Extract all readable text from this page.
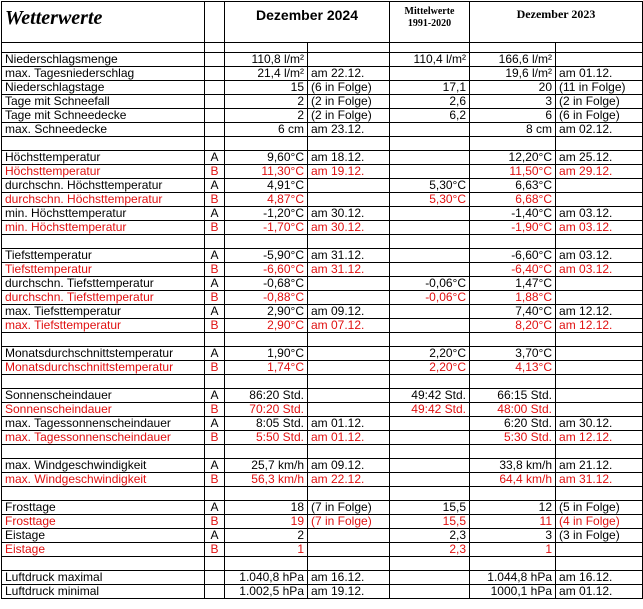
Wetterwerte		Dezember 2024		Mittelwerte
1991-2020	Dezember 2023	

Niederschlagsmenge		110,8 l/m²		110,4 l/m²	166,6 l/m²	
max. Tagesniederschlag		21,4 l/m²	am 22.12.		19,6 l/m²	am 01.12.
Niederschlagstage		15	(6 in Folge)	17,1	20	(11 in Folge)
Tage mit Schneefall		2	(2 in Folge)	2,6	3	(2 in Folge)
Tage mit Schneedecke		2	(2 in Folge)	6,2	6	(6 in Folge)
max. Schneedecke		6 cm	am 23.12.		8 cm	am 02.12.

Höchsttemperatur	A	9,60°C	am 18.12.		12,20°C	am 25.12.
Höchsttemperatur	B	11,30°C	am 19.12.		11,50°C	am 29.12.
durchschn. Höchsttemperatur	A	4,91°C		5,30°C	6,63°C	
durchschn. Höchsttemperatur	B	4,87°C		5,30°C	6,68°C	
min. Höchsttemperatur	A	-1,20°C	am 30.12.		-1,40°C	am 03.12.
min. Höchsttemperatur	B	-1,70°C	am 30.12.		-1,90°C	am 03.12.

Tiefsttemperatur	A	-5,90°C	am 31.12.		-6,60°C	am 03.12.
Tiefsttemperatur	B	-6,60°C	am 31.12.		-6,40°C	am 03.12.
durchschn. Tiefsttemperatur	A	-0,68°C		-0,06°C	1,47°C	
durchschn. Tiefsttemperatur	B	-0,88°C		-0,06°C	1,88°C	
max. Tiefsttemperatur	A	2,90°C	am 09.12.		7,40°C	am 12.12.
max. Tiefsttemperatur	B	2,90°C	am 07.12.		8,20°C	am 12.12.

Monatsdurchschnittstemperatur	A	1,90°C		2,20°C	3,70°C	
Monatsdurchschnittstemperatur	B	1,74°C		2,20°C	4,13°C	

Sonnenscheindauer	A	86:20 Std.		49:42 Std.	66:15 Std.	
Sonnenscheindauer	B	70:20 Std.		49:42 Std.	48:00 Std.	
max. Tagessonnenscheindauer	A	8:05 Std.	am 01.12.		6:20 Std.	am 30.12.
max. Tagessonnenscheindauer	B	5:50 Std.	am 01.12.		5:30 Std.	am 12.12.

max. Windgeschwindigkeit	A	25,7 km/h	am 09.12.		33,8 km/h	am 21.12.
max. Windgeschwindigkeit	B	56,3 km/h	am 22.12.		64,4 km/h	am 31.12.

Frosttage	A	18	(7 in Folge)	15,5	12	(5 in Folge)
Frosttage	B	19	(7 in Folge)	15,5	11	(4 in Folge)
Eistage	A	2		2,3	3	(3 in Folge)
Eistage	B	1		2,3	1	

Luftdruck maximal		1.040,8 hPa	am 16.12.		1.044,8 hPa	am 16.12.
Luftdruck minimal		1.002,5 hPa	am 19.12.		1000,1 hPa	am 01.12.
